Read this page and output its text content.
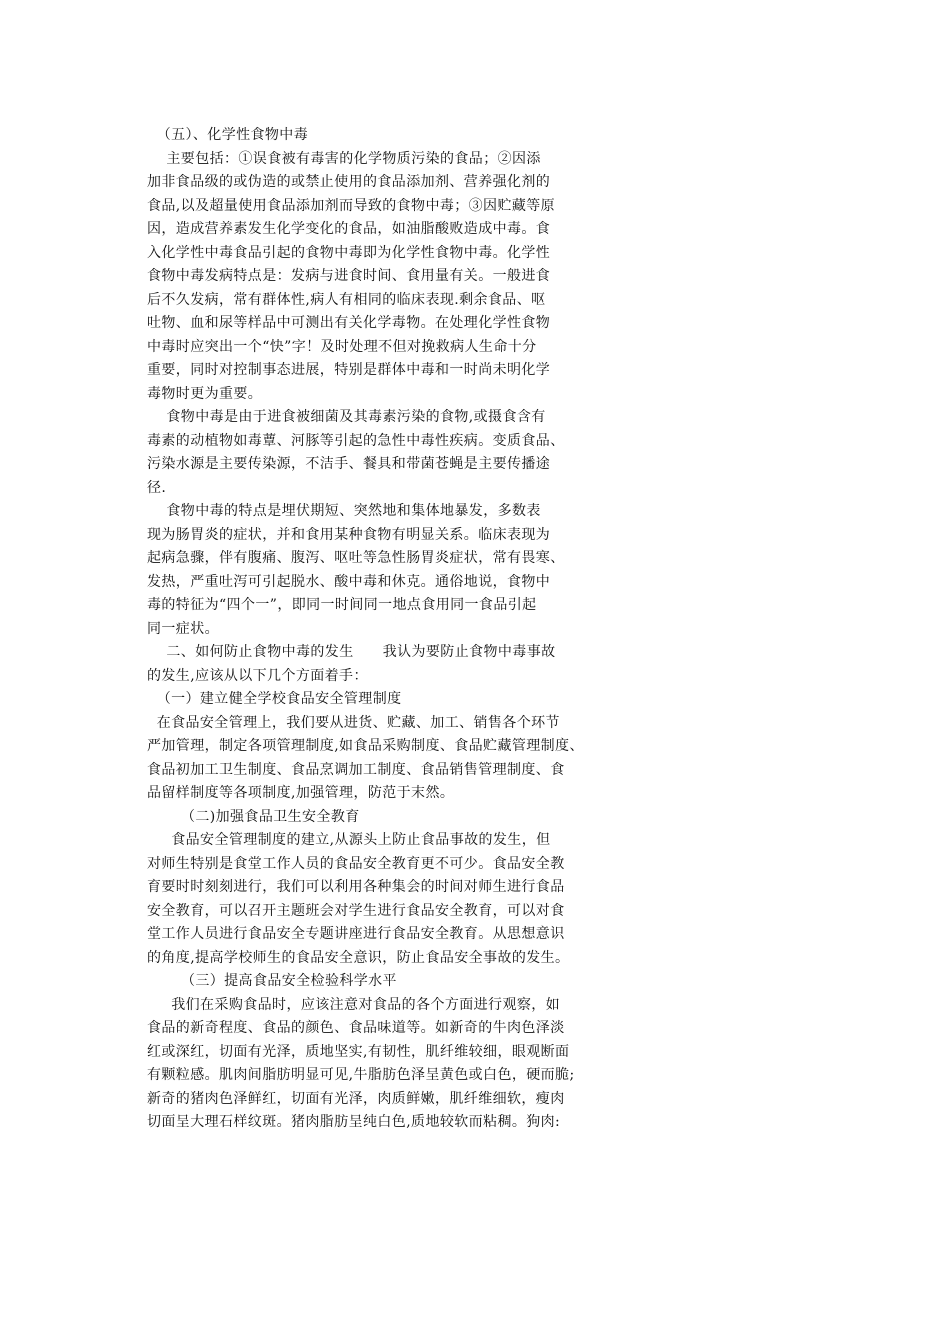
（五）、化学性食物中毒
主要包括：①误食被有毒害的化学物质污染的食品；②因添
加非食品级的或伪造的或禁止使用的食品添加剂、营养强化剂的
食品,以及超量使用食品添加剂而导致的食物中毒；③因贮藏等原
因，造成营养素发生化学变化的食品，如油脂酸败造成中毒。食
入化学性中毒食品引起的食物中毒即为化学性食物中毒。化学性
食物中毒发病特点是：发病与进食时间、食用量有关。一般进食
后不久发病，常有群体性,病人有相同的临床表现.剩余食品、呕
吐物、血和尿等样品中可测出有关化学毒物。在处理化学性食物
中毒时应突出一个“快”字！及时处理不但对挽救病人生命十分
重要，同时对控制事态进展，特别是群体中毒和一时尚未明化学
毒物时更为重要。
食物中毒是由于进食被细菌及其毒素污染的食物,或摄食含有
毒素的动植物如毒蕈、河豚等引起的急性中毒性疾病。变质食品、
污染水源是主要传染源，不洁手、餐具和带菌苍蝇是主要传播途
径.
食物中毒的特点是埋伏期短、突然地和集体地暴发，多数表
现为肠胃炎的症状，并和食用某种食物有明显关系。临床表现为
起病急骤，伴有腹痛、腹泻、呕吐等急性肠胃炎症状，常有畏寒、
发热，严重吐泻可引起脱水、酸中毒和休克。通俗地说，食物中
毒的特征为“四个一”，即同一时间同一地点食用同一食品引起
同一症状。
二、如何防止食物中毒的发生      我认为要防止食物中毒事故
的发生,应该从以下几个方面着手：
（一）建立健全学校食品安全管理制度
在食品安全管理上，我们要从进货、贮藏、加工、销售各个环节
严加管理，制定各项管理制度,如食品采购制度、食品贮藏管理制度、
食品初加工卫生制度、食品烹调加工制度、食品销售管理制度、食
品留样制度等各项制度,加强管理，防范于末然。
（二)加强食品卫生安全教育
食品安全管理制度的建立,从源头上防止食品事故的发生，但
对师生特别是食堂工作人员的食品安全教育更不可少。食品安全教
育要时时刻刻进行，我们可以利用各种集会的时间对师生进行食品
安全教育，可以召开主题班会对学生进行食品安全教育，可以对食
堂工作人员进行食品安全专题讲座进行食品安全教育。从思想意识
的角度,提高学校师生的食品安全意识，防止食品安全事故的发生。
（三）提高食品安全检验科学水平
我们在采购食品时，应该注意对食品的各个方面进行观察，如
食品的新奇程度、食品的颜色、食品味道等。如新奇的牛肉色泽淡
红或深红，切面有光泽，质地坚实,有韧性，肌纤维较细，眼观断面
有颗粒感。肌肉间脂肪明显可见,牛脂肪色泽呈黄色或白色，硬而脆;
新奇的猪肉色泽鲜红，切面有光泽，肉质鲜嫩，肌纤维细软，瘦肉
切面呈大理石样纹斑。猪肉脂肪呈纯白色,质地较软而粘稠。狗肉:
